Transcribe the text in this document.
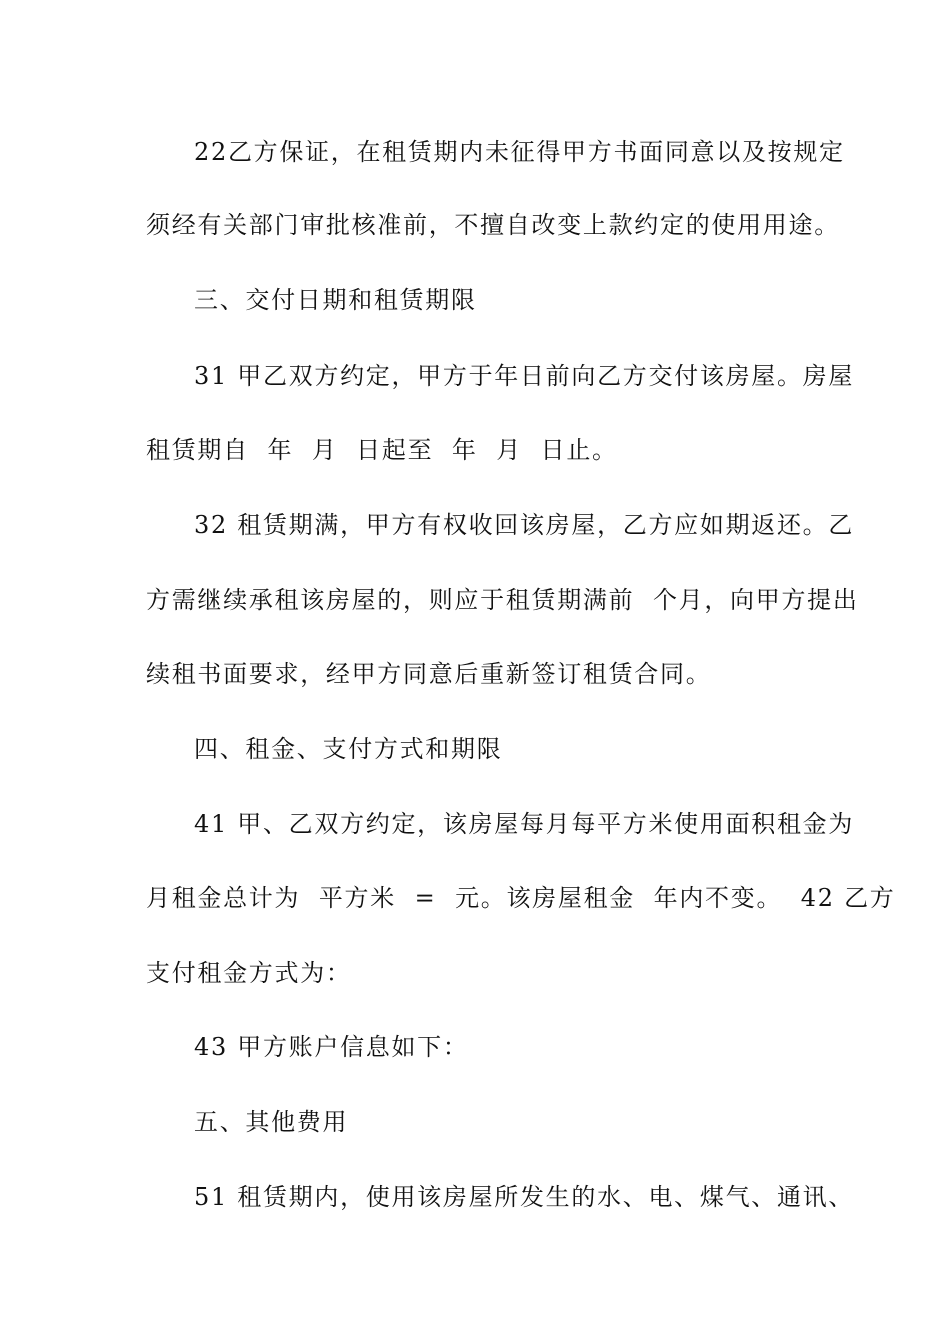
22乙方保证，在租赁期内未征得甲方书面同意以及按规定
须经有关部门审批核准前，不擅自改变上款约定的使用用途。
三、交付日期和租赁期限
31 甲乙双方约定，甲方于年日前向乙方交付该房屋。房屋
租赁期自  年  月  日起至  年  月  日止。
32 租赁期满，甲方有权收回该房屋，乙方应如期返还。乙
方需继续承租该房屋的，则应于租赁期满前  个月，向甲方提出
续租书面要求，经甲方同意后重新签订租赁合同。
四、租金、支付方式和期限
41 甲、乙双方约定，该房屋每月每平方米使用面积租金为
月租金总计为  平方米  =  元。该房屋租金  年内不变。  42 乙方
支付租金方式为：
43 甲方账户信息如下：
五、其他费用
51 租赁期内，使用该房屋所发生的水、电、煤气、通讯、
